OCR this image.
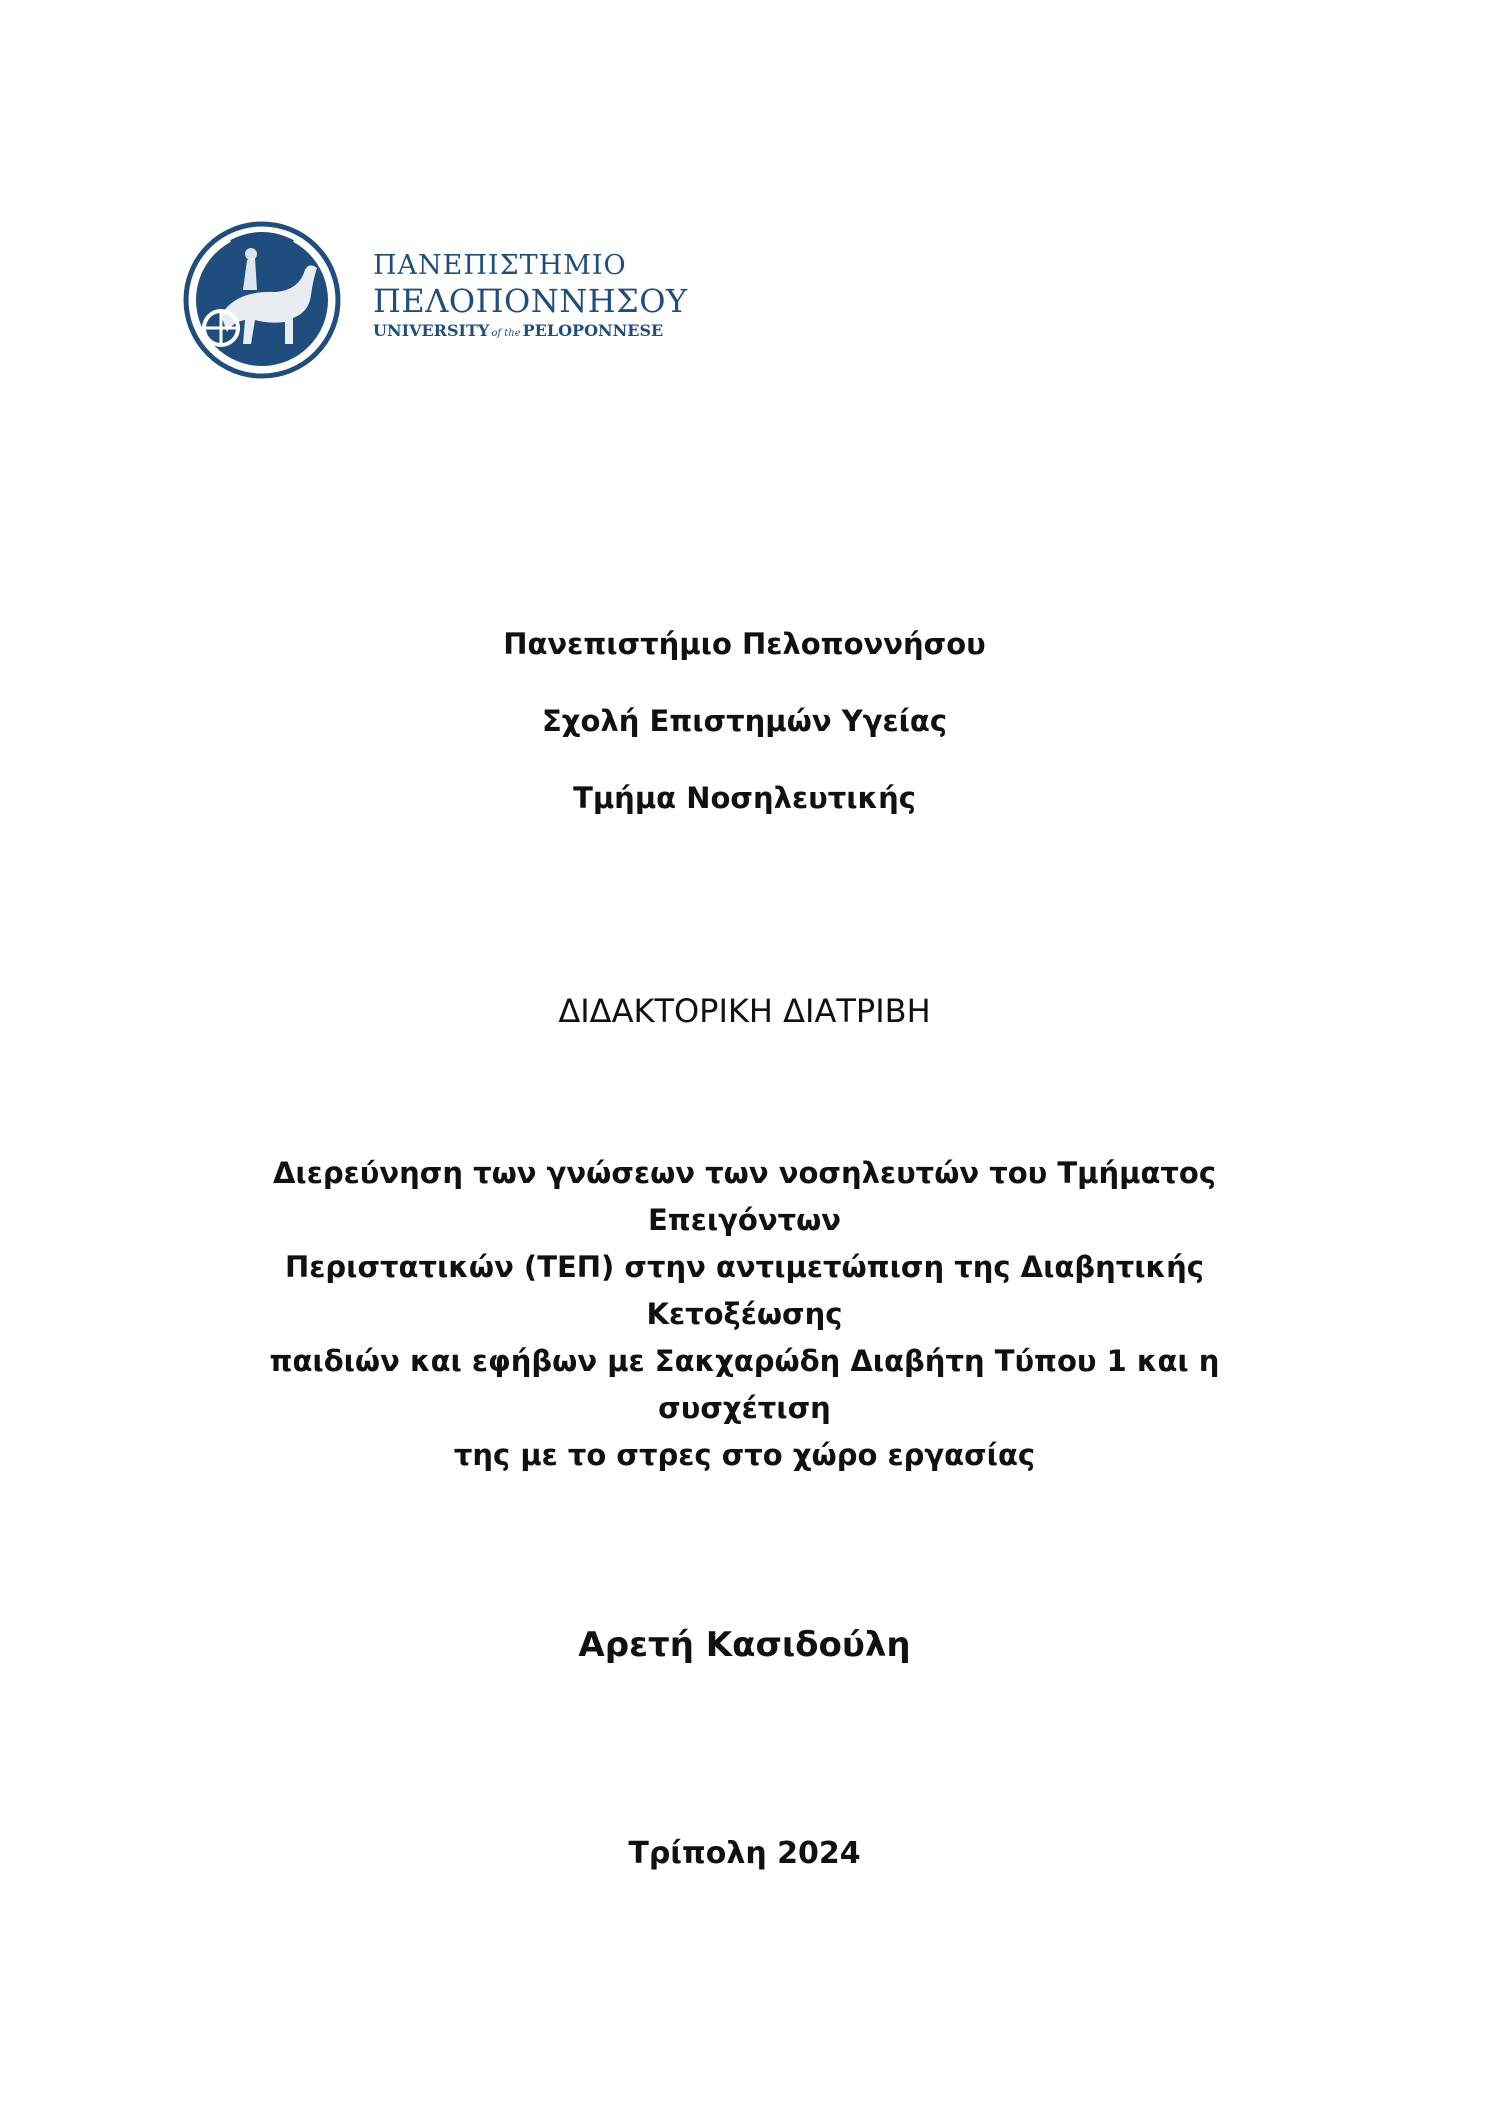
ΠΑΝΕΠΙΣΤΗΜΙΟ
ΠΕΛΟΠΟΝΝΗΣΟΥ
UNIVERSITY of the PELOPONNESE
Πανεπιστήμιο Πελοποννήσου
Σχολή Επιστημών Υγείας
Τμήμα Νοσηλευτικής
ΔΙΔΑΚΤΟΡΙΚΗ ΔΙΑΤΡΙΒΗ
Διερεύνηση των γνώσεων των νοσηλευτών του Τμήματος Επειγόντων
Περιστατικών (ΤΕΠ) στην αντιμετώπιση της Διαβητικής Κετοξέωσης
παιδιών και εφήβων με Σακχαρώδη Διαβήτη Τύπου 1 και η συσχέτιση
της με το στρες στο χώρο εργασίας
Αρετή Κασιδούλη
Τρίπολη 2024
